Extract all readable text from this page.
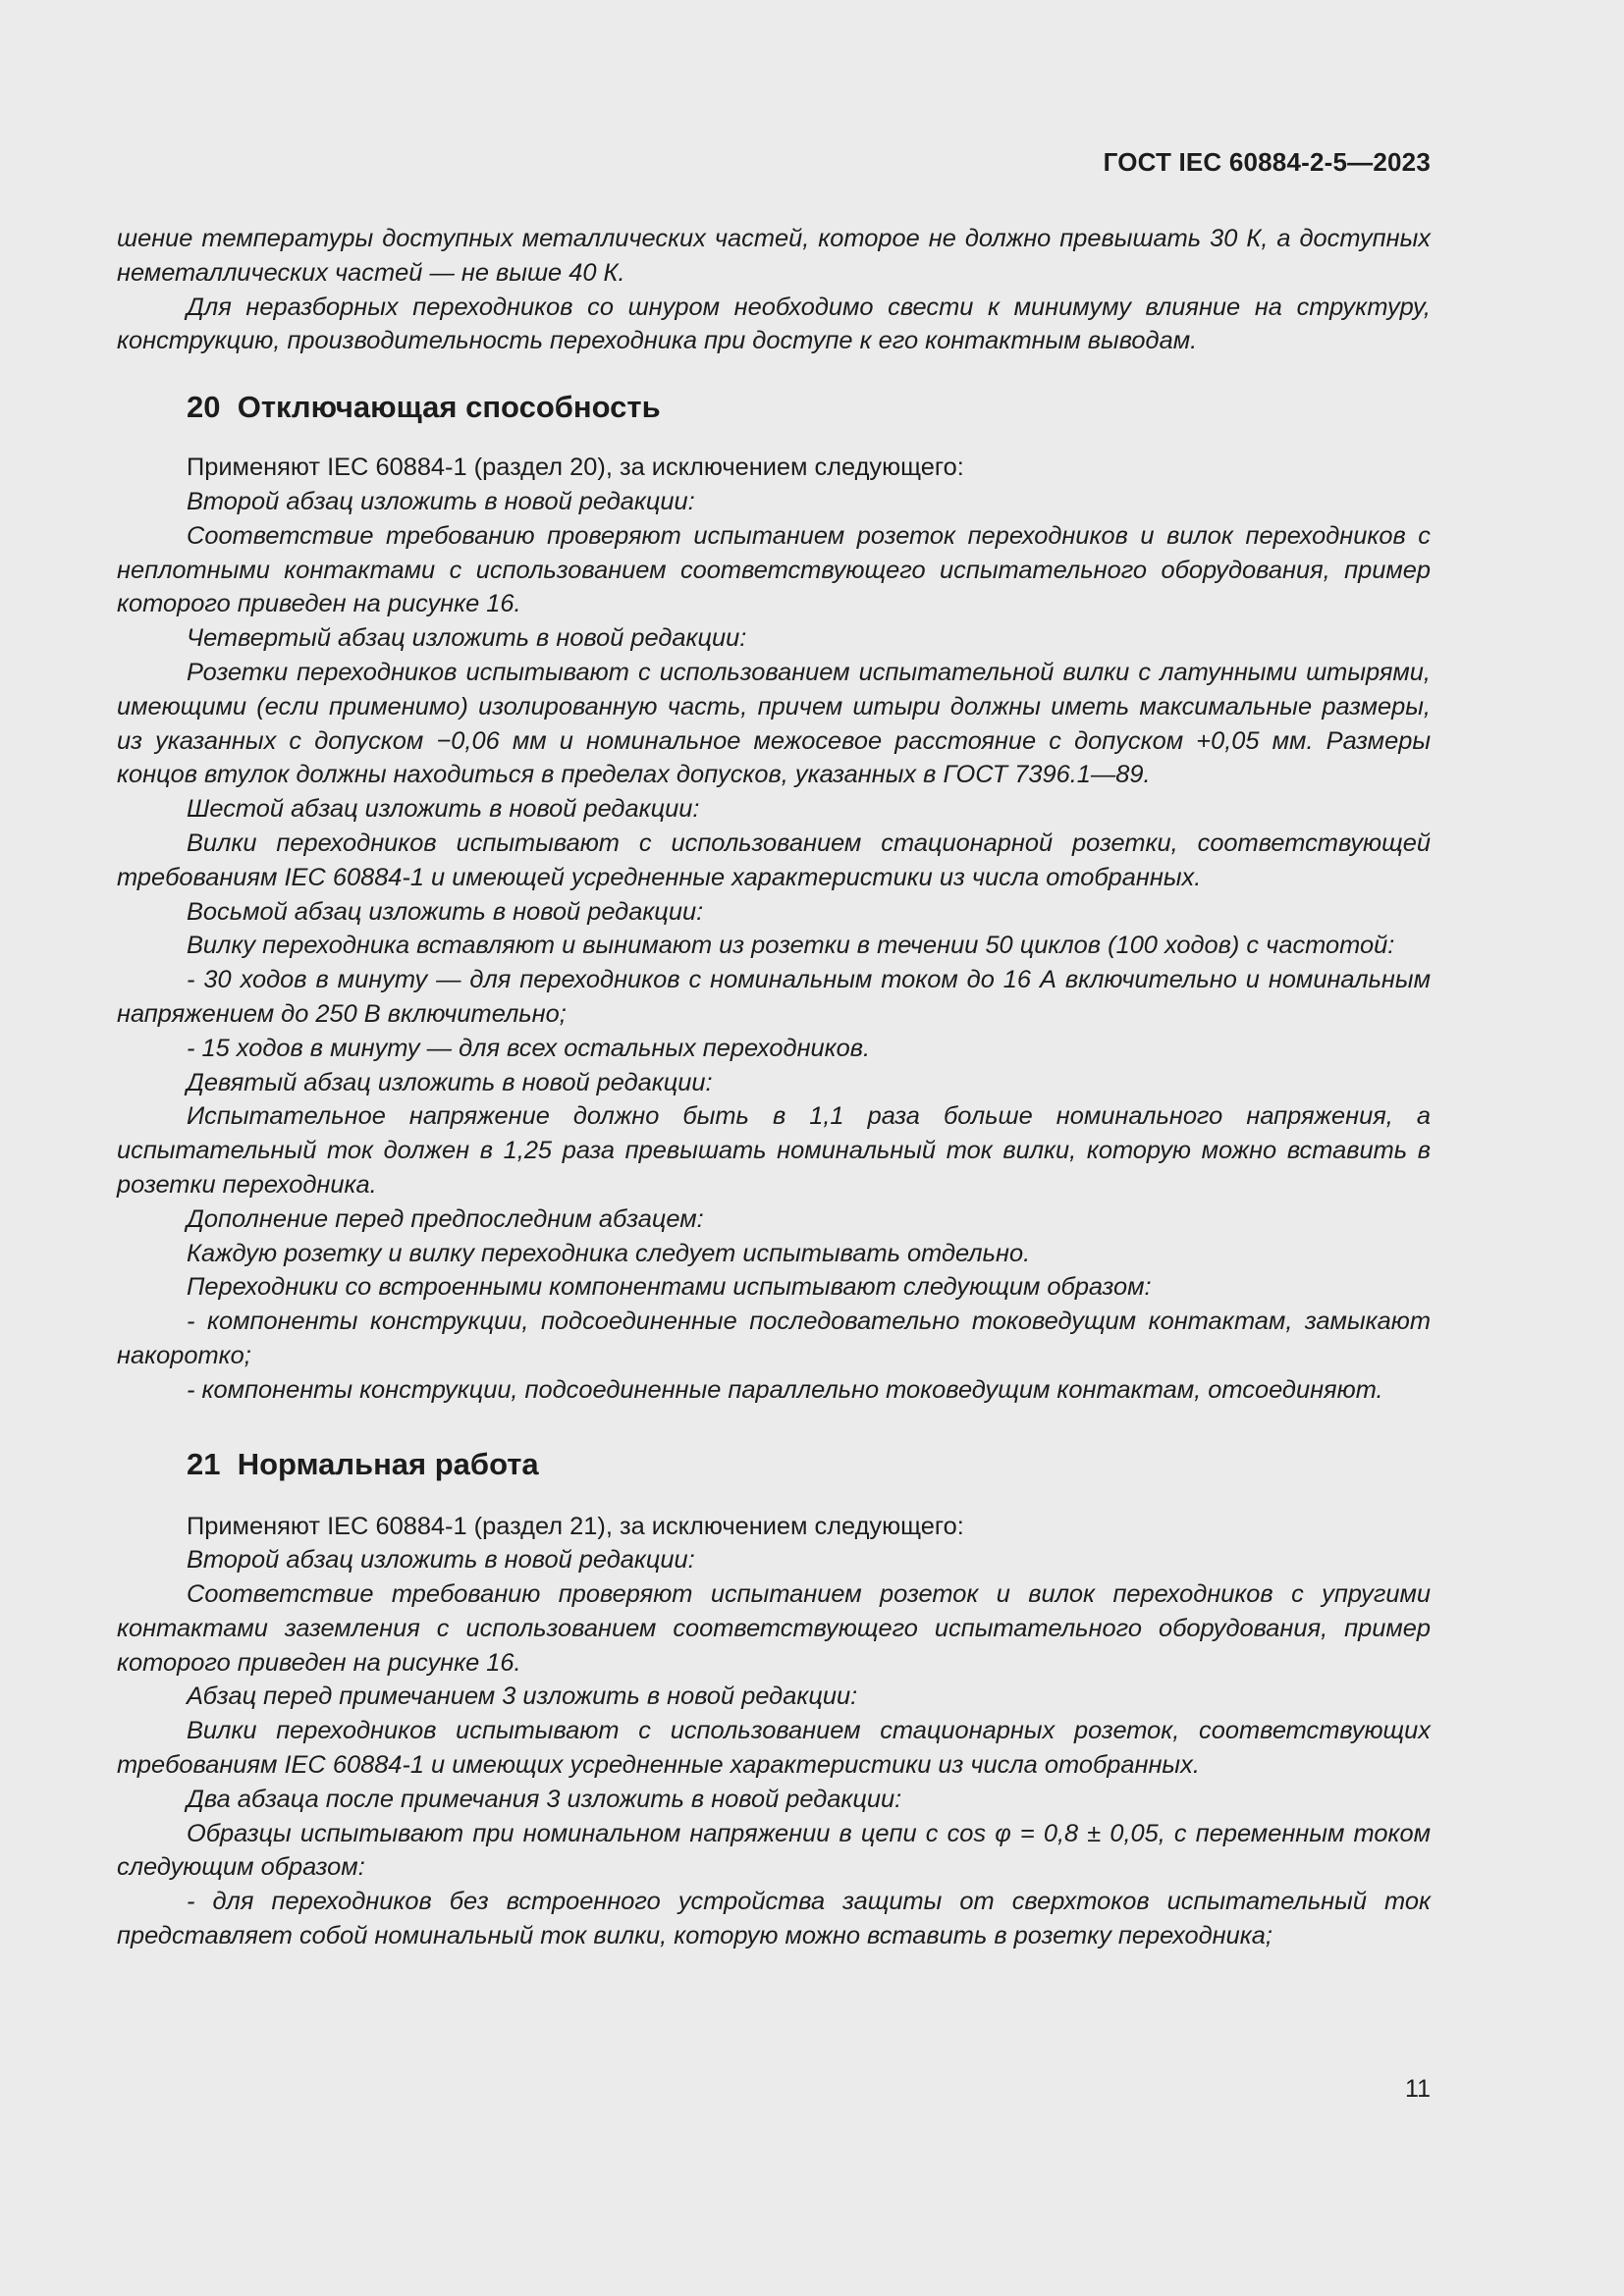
ГОСТ IEC 60884-2-5—2023

шение температуры доступных металлических частей, которое не должно превышать 30 К, а доступных неметаллических частей — не выше 40 К.

Для неразборных переходников со шнуром необходимо свести к минимуму влияние на структуру, конструкцию, производительность переходника при доступе к его контактным выводам.

20 Отключающая способность

Применяют IEC 60884-1 (раздел 20), за исключением следующего:

Второй абзац изложить в новой редакции:

Соответствие требованию проверяют испытанием розеток переходников и вилок переходников с неплотными контактами с использованием соответствующего испытательного оборудования, пример которого приведен на рисунке 16.

Четвертый абзац изложить в новой редакции:

Розетки переходников испытывают с использованием испытательной вилки с латунными штырями, имеющими (если применимо) изолированную часть, причем штыри должны иметь максимальные размеры, из указанных с допуском −0,06 мм и номинальное межосевое расстояние с допуском +0,05 мм. Размеры концов втулок должны находиться в пределах допусков, указанных в ГОСТ 7396.1—89.

Шестой абзац изложить в новой редакции:

Вилки переходников испытывают с использованием стационарной розетки, соответствующей требованиям IEC 60884-1 и имеющей усредненные характеристики из числа отобранных.

Восьмой абзац изложить в новой редакции:

Вилку переходника вставляют и вынимают из розетки в течении 50 циклов (100 ходов) с частотой:

- 30 ходов в минуту — для переходников с номинальным током до 16 А включительно и номинальным напряжением до 250 В включительно;

- 15 ходов в минуту — для всех остальных переходников.

Девятый абзац изложить в новой редакции:

Испытательное напряжение должно быть в 1,1 раза больше номинального напряжения, а испытательный ток должен в 1,25 раза превышать номинальный ток вилки, которую можно вставить в розетки переходника.

Дополнение перед предпоследним абзацем:

Каждую розетку и вилку переходника следует испытывать отдельно.

Переходники со встроенными компонентами испытывают следующим образом:

- компоненты конструкции, подсоединенные последовательно токоведущим контактам, замыкают накоротко;

- компоненты конструкции, подсоединенные параллельно токоведущим контактам, отсоединяют.

21 Нормальная работа

Применяют IEC 60884-1 (раздел 21), за исключением следующего:

Второй абзац изложить в новой редакции:

Соответствие требованию проверяют испытанием розеток и вилок переходников с упругими контактами заземления с использованием соответствующего испытательного оборудования, пример которого приведен на рисунке 16.

Абзац перед примечанием 3 изложить в новой редакции:

Вилки переходников испытывают с использованием стационарных розеток, соответствующих требованиям IEC 60884-1 и имеющих усредненные характеристики из числа отобранных.

Два абзаца после примечания 3 изложить в новой редакции:

Образцы испытывают при номинальном напряжении в цепи с cos φ = 0,8 ± 0,05, с переменным током следующим образом:

- для переходников без встроенного устройства защиты от сверхтоков испытательный ток представляет собой номинальный ток вилки, которую можно вставить в розетку переходника;

11
